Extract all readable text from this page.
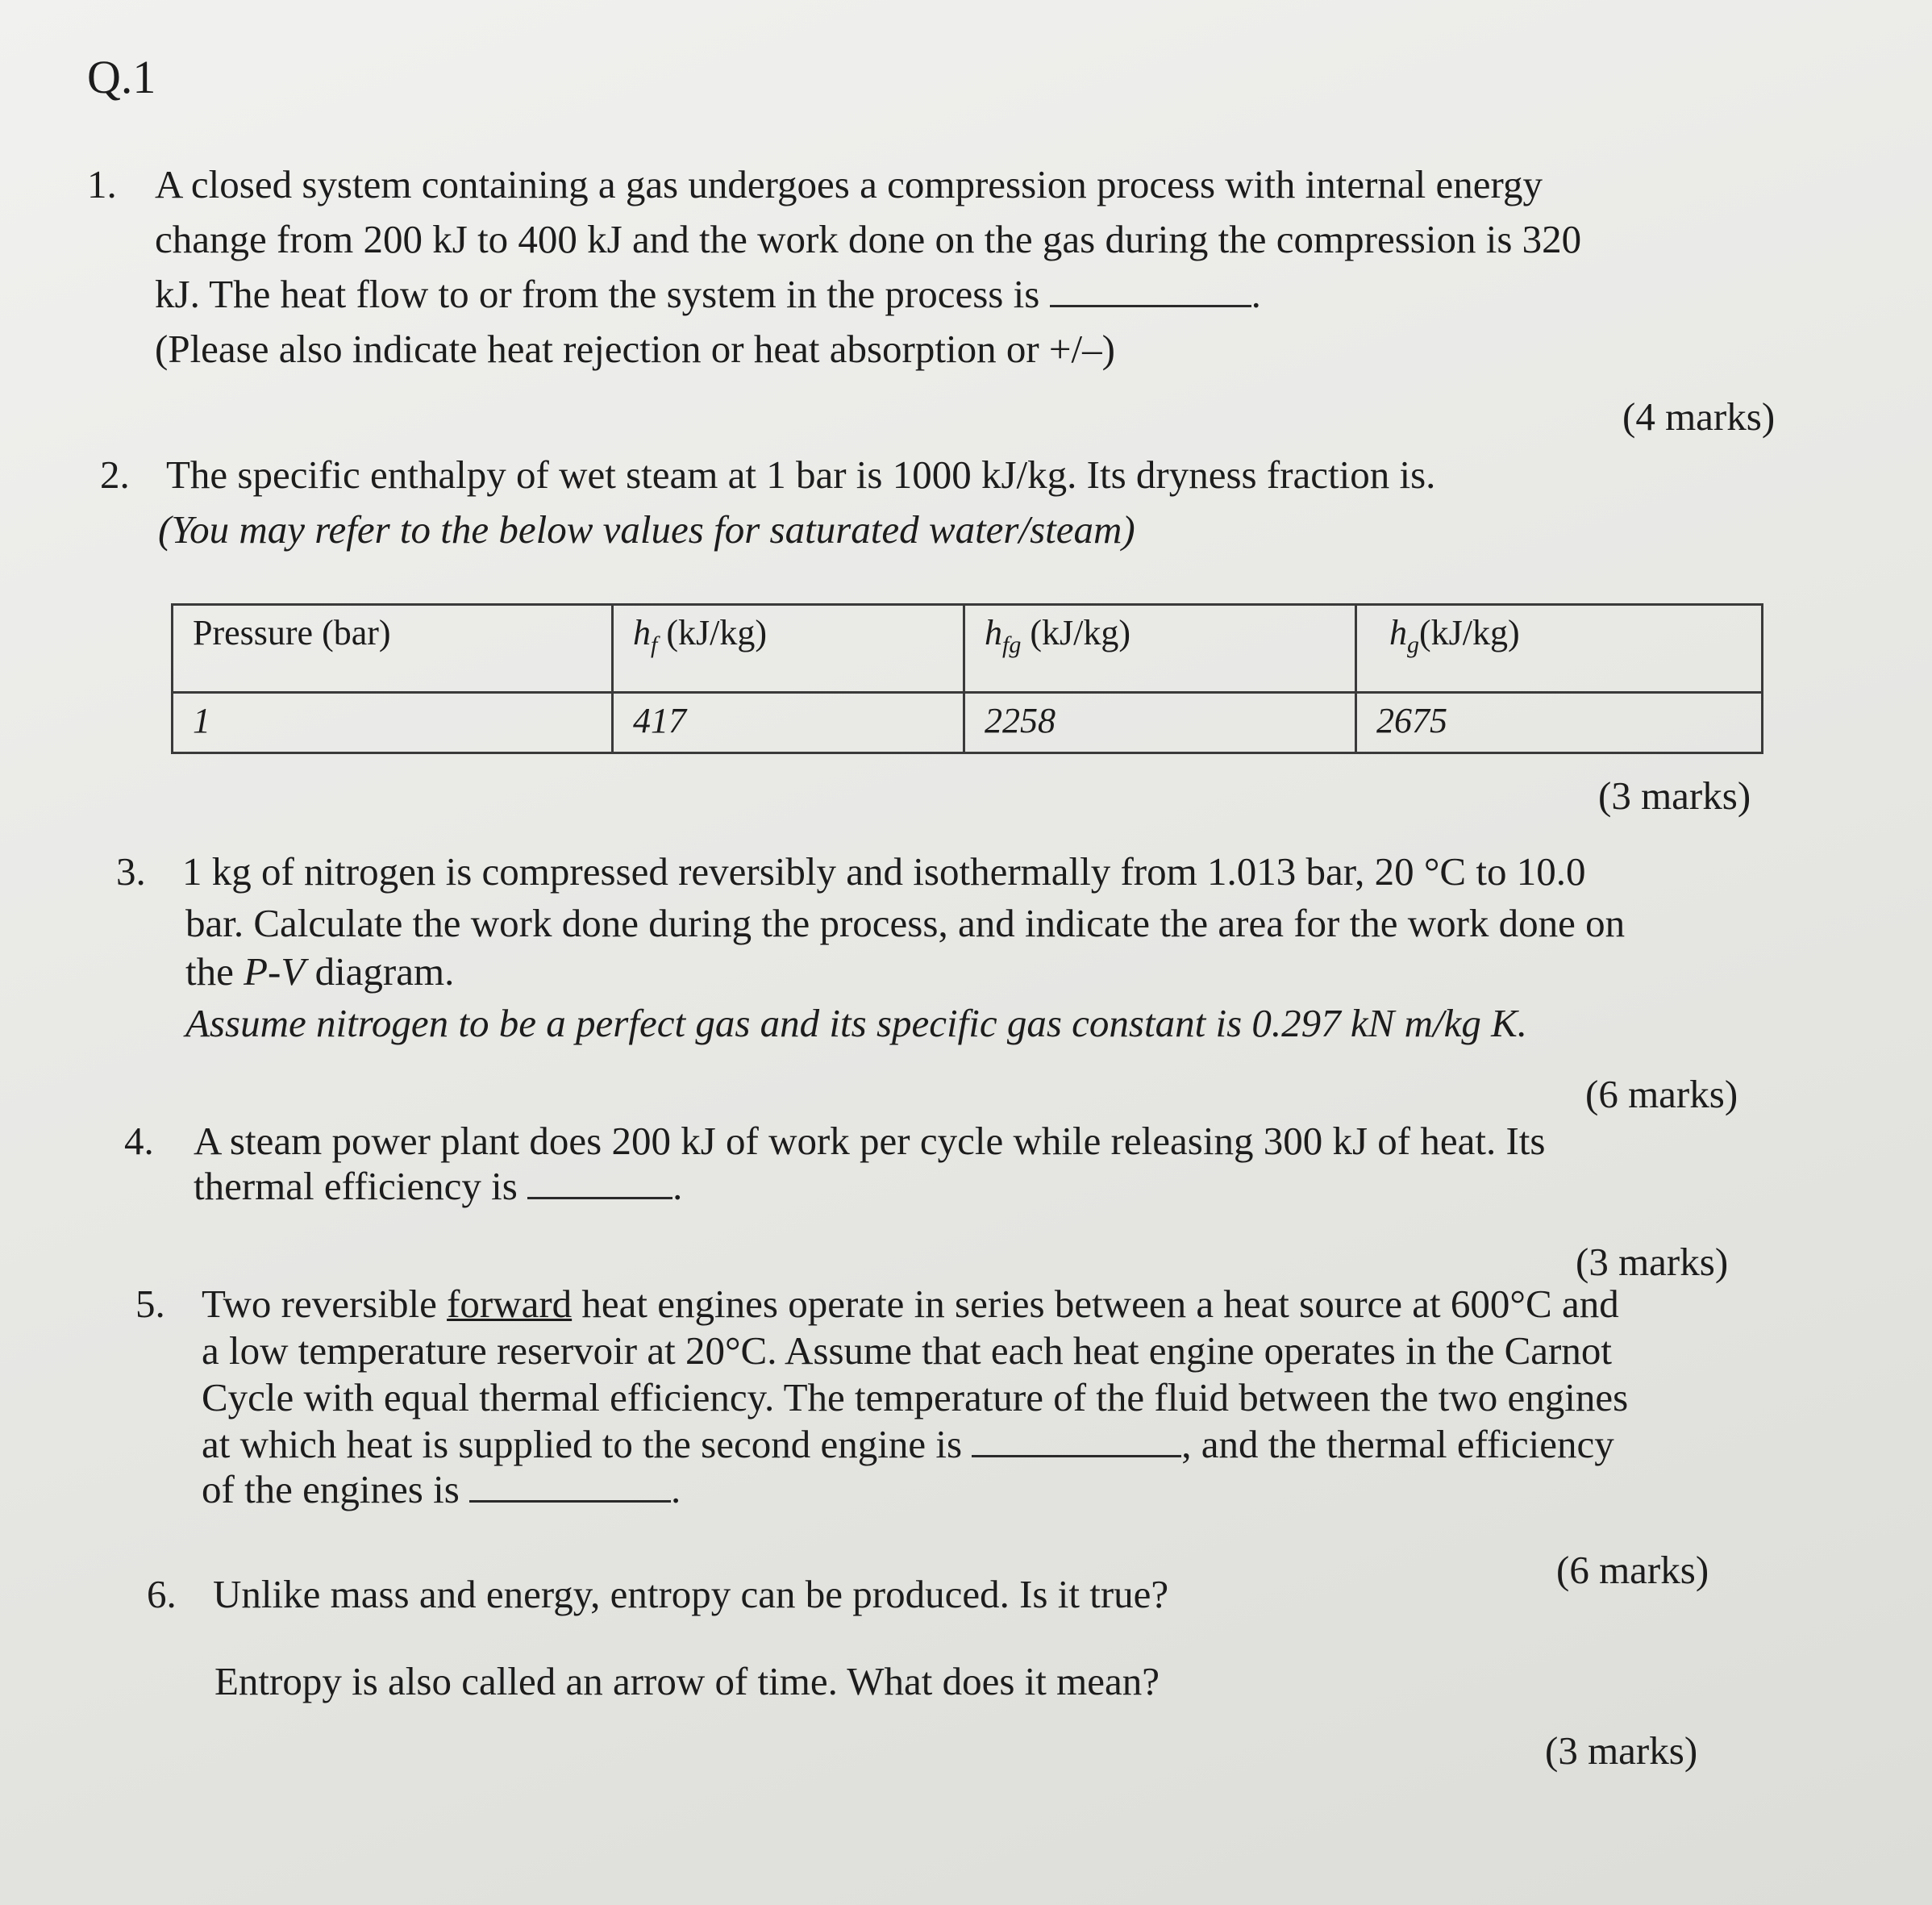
Q.1
1. A closed system containing a gas undergoes a compression process with internal energy
change from 200 kJ to 400 kJ and the work done on the gas during the compression is 320
kJ. The heat flow to or from the system in the process is	.
(Please also indicate heat rejection or heat absorption or +/–)
(4 marks)
2. The specific enthalpy of wet steam at 1 bar is 1000 kJ/kg. Its dryness fraction is.
(You may refer to the below values for saturated water/steam)
Pressure (bar)	$h_f$ (kJ/kg)	$h_{fg}$ (kJ/kg)	$h_g(kJ/kg)$
1	417	2258	2675
(3 marks)
3. 1 kg of nitrogen is compressed reversibly and isothermally from 1.013 bar, 20 °C to 10.0
bar. Calculate the work done during the process, and indicate the area for the work done on
the P-V diagram.
Assume nitrogen to be a perfect gas and its specific gas constant is 0.297 kN m/kg K.
(6 marks)
4. A steam power plant does 200 kJ of work per cycle while releasing 300 kJ of heat. Its
thermal efficiency is	.
(3 marks)
5. Two reversible forward heat engines operate in series between a heat source at 600°C and
a low temperature reservoir at 20°C. Assume that each heat engine operates in the Carnot
Cycle with equal thermal efficiency. The temperature of the fluid between the two engines
at which heat is supplied to the second engine is	, and the thermal efficiency
of the engines is	.
(6 marks)
6. Unlike mass and energy, entropy can be produced. Is it true?
Entropy is also called an arrow of time. What does it mean?
(3 marks)
